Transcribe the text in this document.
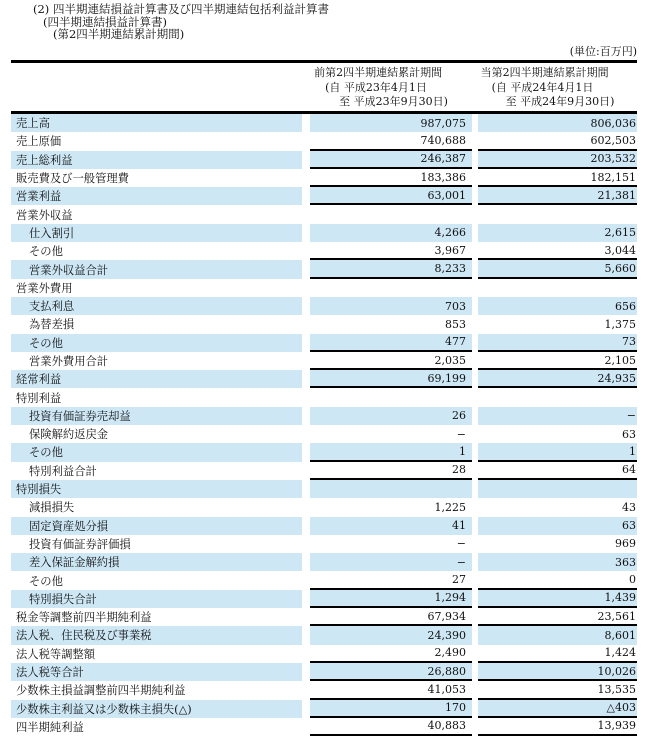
(2) 四半期連結損益計算書及び四半期連結包括利益計算書
(四半期連結損益計算書)
(第2四半期連結累計期間)
(単位:百万円)
前第2四半期連結累計期間
(自 平成23年4月1日
至 平成23年9月30日)
当第2四半期連結累計期間
(自 平成24年4月1日
至 平成24年9月30日)
売上高	987,075	806,036
売上原価	740,688	602,503
売上総利益	246,387	203,532
販売費及び一般管理費	183,386	182,151
営業利益	63,001	21,381
営業外収益
仕入割引	4,266	2,615
その他	3,967	3,044
営業外収益合計	8,233	5,660
営業外費用
支払利息	703	656
為替差損	853	1,375
その他	477	73
営業外費用合計	2,035	2,105
経常利益	69,199	24,935
特別利益
投資有価証券売却益	26	−
保険解約返戻金	−	63
その他	1	1
特別利益合計	28	64
特別損失
減損損失	1,225	43
固定資産処分損	41	63
投資有価証券評価損	−	969
差入保証金解約損	−	363
その他	27	0
特別損失合計	1,294	1,439
税金等調整前四半期純利益	67,934	23,561
法人税、住民税及び事業税	24,390	8,601
法人税等調整額	2,490	1,424
法人税等合計	26,880	10,026
少数株主損益調整前四半期純利益	41,053	13,535
少数株主利益又は少数株主損失(△)	170	△403
四半期純利益	40,883	13,939
